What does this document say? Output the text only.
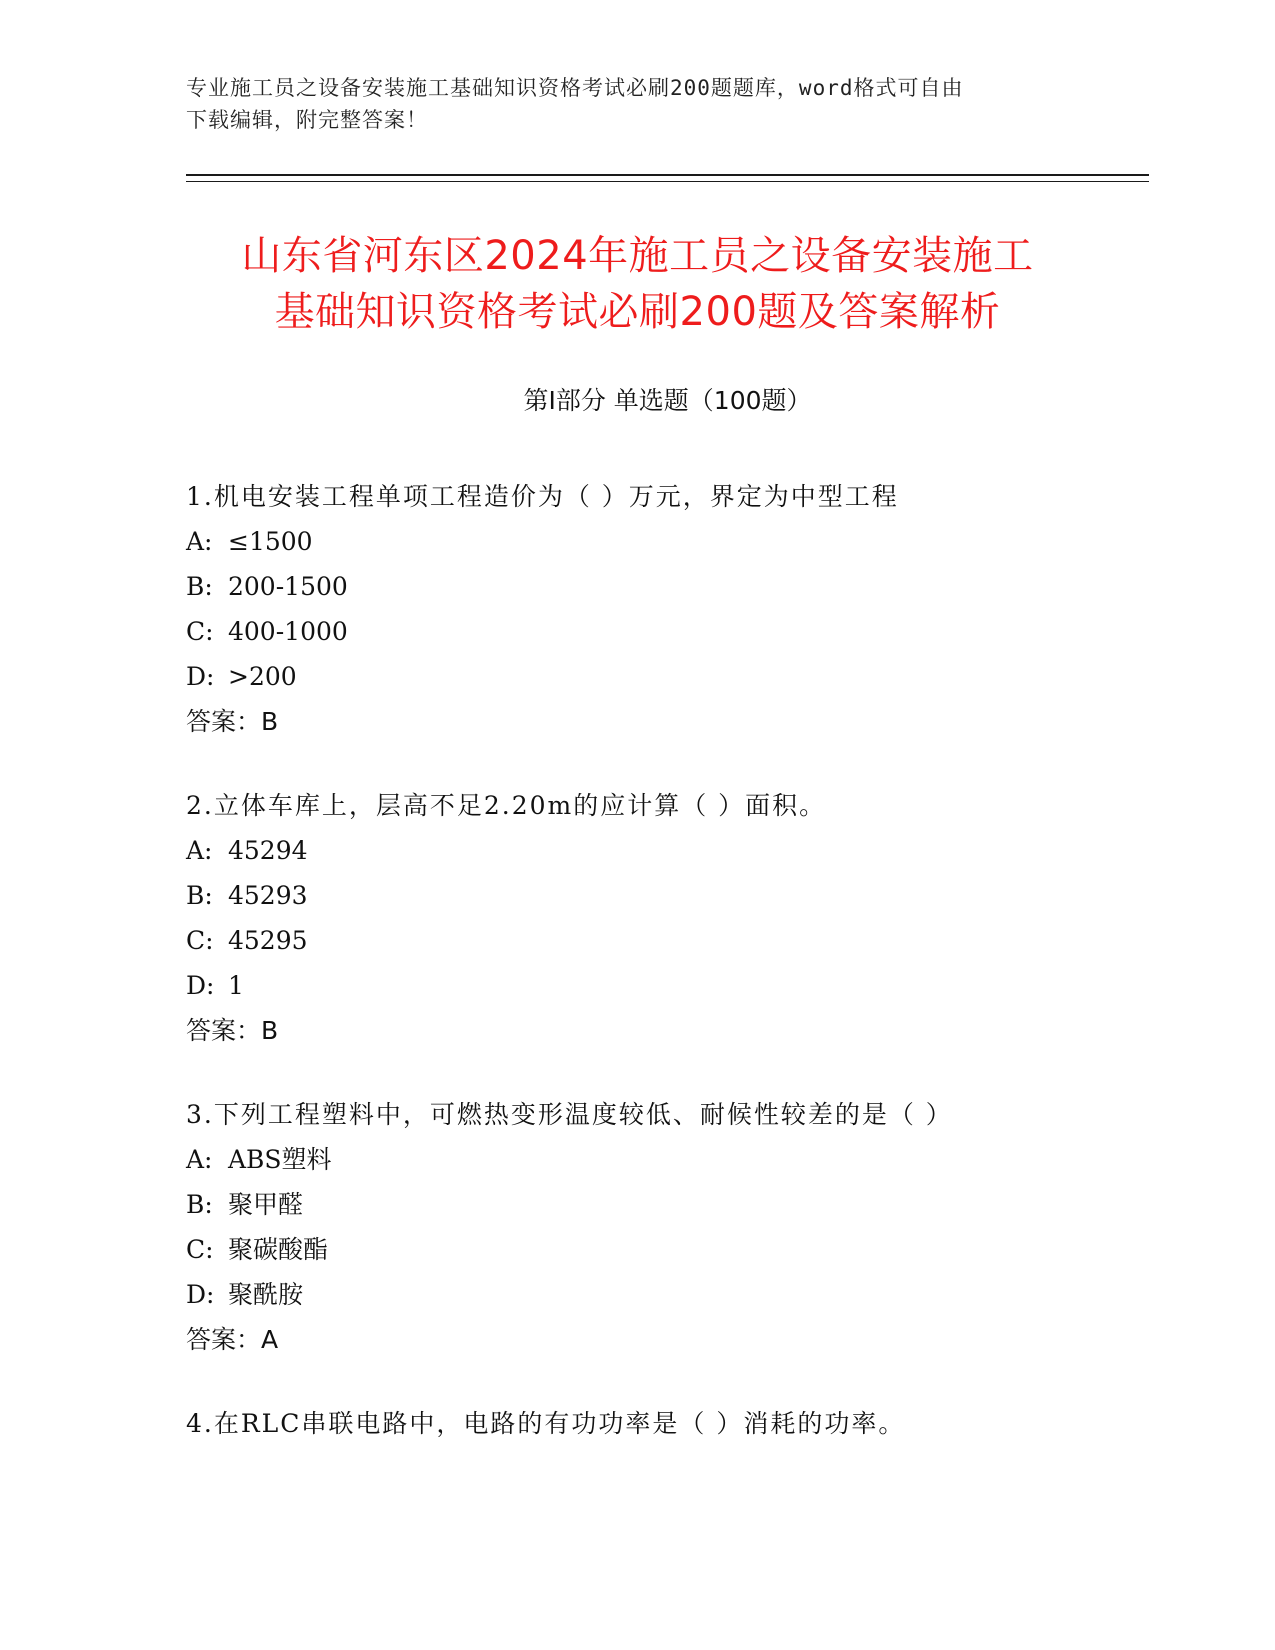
专业施工员之设备安装施工基础知识资格考试必刷200题题库，word格式可自由
下载编辑，附完整答案！
山东省河东区2024年施工员之设备安装施工
基础知识资格考试必刷200题及答案解析
第Ⅰ部分 单选题（100题）
1.机电安装工程单项工程造价为（ ）万元，界定为中型工程
A: ≤1500
B: 200-1500
C: 400-1000
D: >200
答案：B
2.立体车库上，层高不足2.20m的应计算（ ）面积。
A: 45294
B: 45293
C: 45295
D: 1
答案：B
3.下列工程塑料中，可燃热变形温度较低、耐候性较差的是（ ）
A: ABS塑料
B: 聚甲醛
C: 聚碳酸酯
D: 聚酰胺
答案：A
4.在RLC串联电路中，电路的有功功率是（ ）消耗的功率。
